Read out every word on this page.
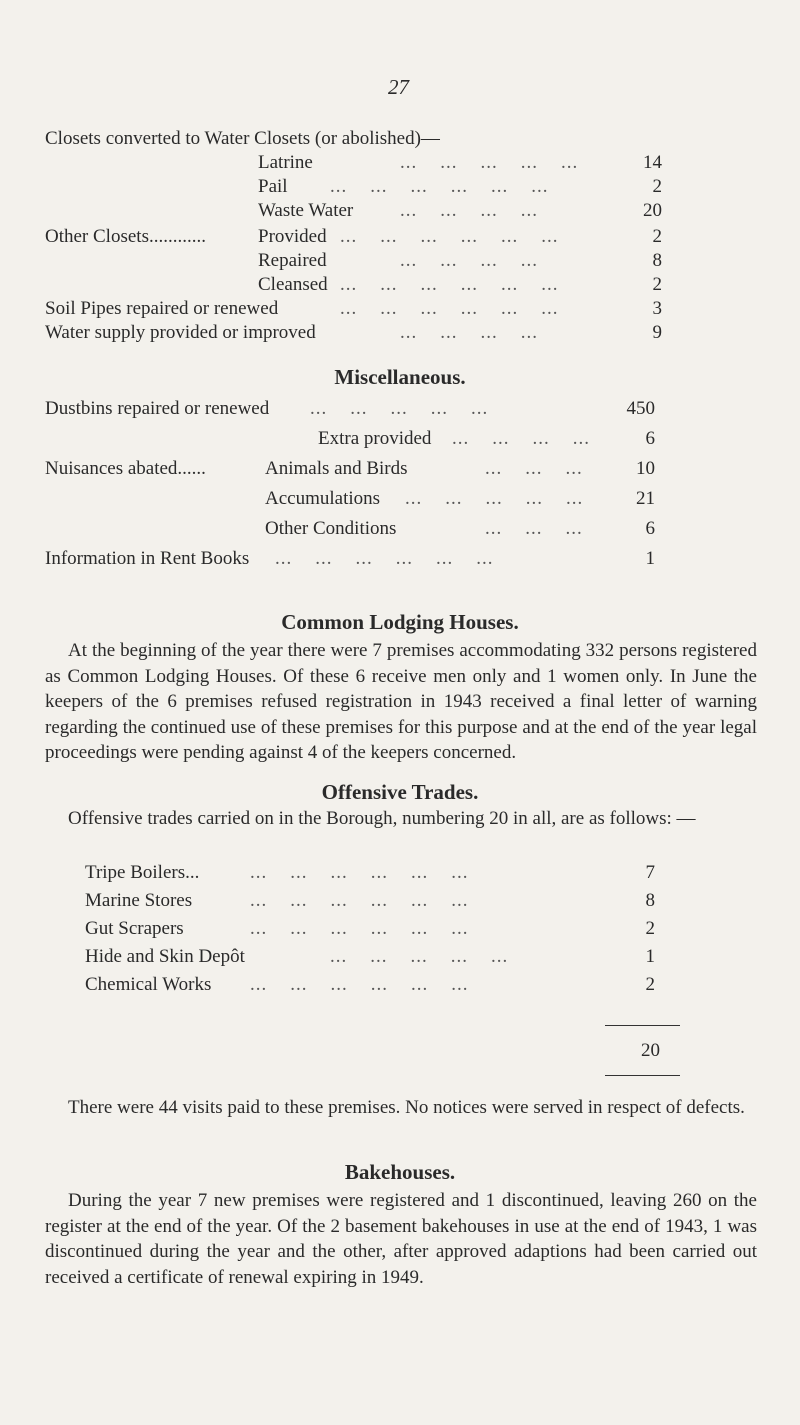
27
Closets converted to Water Closets (or abolished)—
Latrine	...    ...    ...    ...    ...	14
Pail ...    ...    ...    ...    ...    ...	2
Waste Water ...    ...    ...    ...	20
Other Closets............	Provided ...    ...    ...    ...    ...    ...	2
Repaired	...    ...    ...    ...	8
Cleansed ...    ...    ...    ...    ...    ...	2
Soil Pipes repaired or renewed	...    ...    ...    ...    ...    ...	3
Water supply provided or improved	...    ...    ...    ...	9
Miscellaneous.
Dustbins repaired or renewed ...    ...    ...    ...    ...	450
Extra provided ...    ...    ...    ...	6
Nuisances abated......	Animals and Birds	...    ...    ...	10
Accumulations ...    ...    ...    ...    ...	21
Other Conditions	...    ...    ...	6
Information in Rent Books ...    ...    ...    ...    ...    ...	1
Common Lodging Houses.
At the beginning of the year there were 7 premises accommodating 332 persons registered as Common Lodging Houses. Of these 6 receive men only and 1 women only. In June the keepers of the 6 premises refused registration in 1943 received a final letter of warning regarding the continued use of these premises for this purpose and at the end of the year legal proceedings were pending against 4 of the keepers concerned.
Offensive Trades.
Offensive trades carried on in the Borough, numbering 20 in all, are as follows: —
Tripe Boilers...	...    ...    ...    ...    ...    ...	7
Marine Stores	...    ...    ...    ...    ...    ...	8
Gut Scrapers	...    ...    ...    ...    ...    ...	2
Hide and Skin Depôt	...    ...    ...    ...    ...	1
Chemical Works ...    ...    ...    ...    ...    ...	2
20
There were 44 visits paid to these premises. No notices were served in respect of defects.
Bakehouses.
During the year 7 new premises were registered and 1 discontinued, leaving 260 on the register at the end of the year. Of the 2 basement bakehouses in use at the end of 1943, 1 was discontinued during the year and the other, after approved adaptions had been carried out received a certificate of renewal expiring in 1949.
